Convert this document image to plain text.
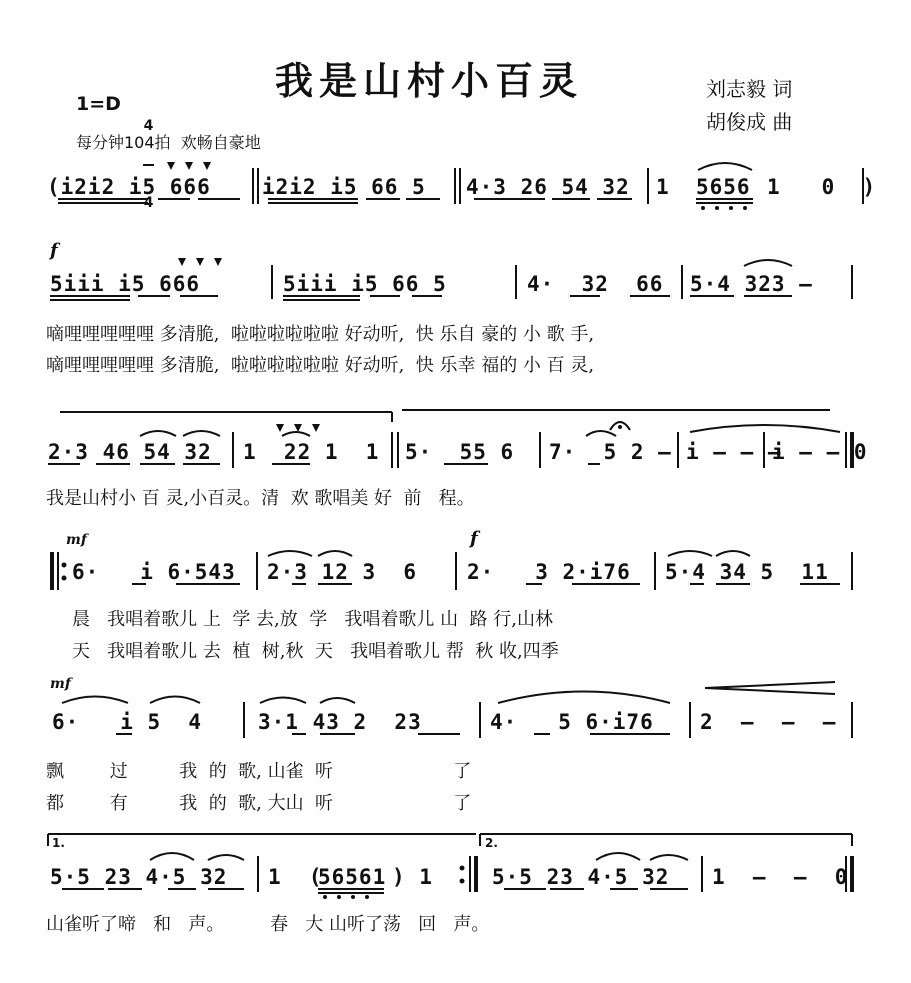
我是山村小百灵	刘志毅 词
胡俊成 曲
1=D

4

4

每分钟104拍  欢畅自豪地
(i2i2 i5 666 i2i2 i5 66 5 4·3 26 54 32 1 5656 1   0  )
f
5iii i5 666	5iii i5 66 5	4·  32  66 5·4 323 –
嘀哩哩哩哩哩 多清脆,  啦啦啦啦啦啦 好动听,  快 乐自 豪的 小 歌 手,
嘀哩哩哩哩哩 多清脆,  啦啦啦啦啦啦 好动听,  快 乐幸 福的 小 百 灵,
2·3 46 54 32 1  22 1  1 5·  55 6 7·  5 2 – i – – –
i – – 0
我是山村小 百 灵,小百灵。清  欢 歌唱美 好  前   程。
mf	f
6·   i 6·543 2·3 12 3  6 2·   3 2·i76 5·4 34 5  11
晨   我唱着歌儿 上  学 去,放  学   我唱着歌儿 山  路 行,山林
天   我唱着歌儿 去  植  树,秋  天   我唱着歌儿 帮  秋 收,四季
mf
6·   i 5  4	3·1 43 2  23	4·   5 6·i76 2  –  –  –
飘        过         我  的  歌, 山雀  听                     了
都        有         我  的  歌, 大山  听                     了
1.	2.
5·5 23 4·5 32 1  (
56561 ) 1	5·5 23 4·5 32 1  –  –  0
山雀听了啼   和   声。        春   大 山听了荡   回   声。
